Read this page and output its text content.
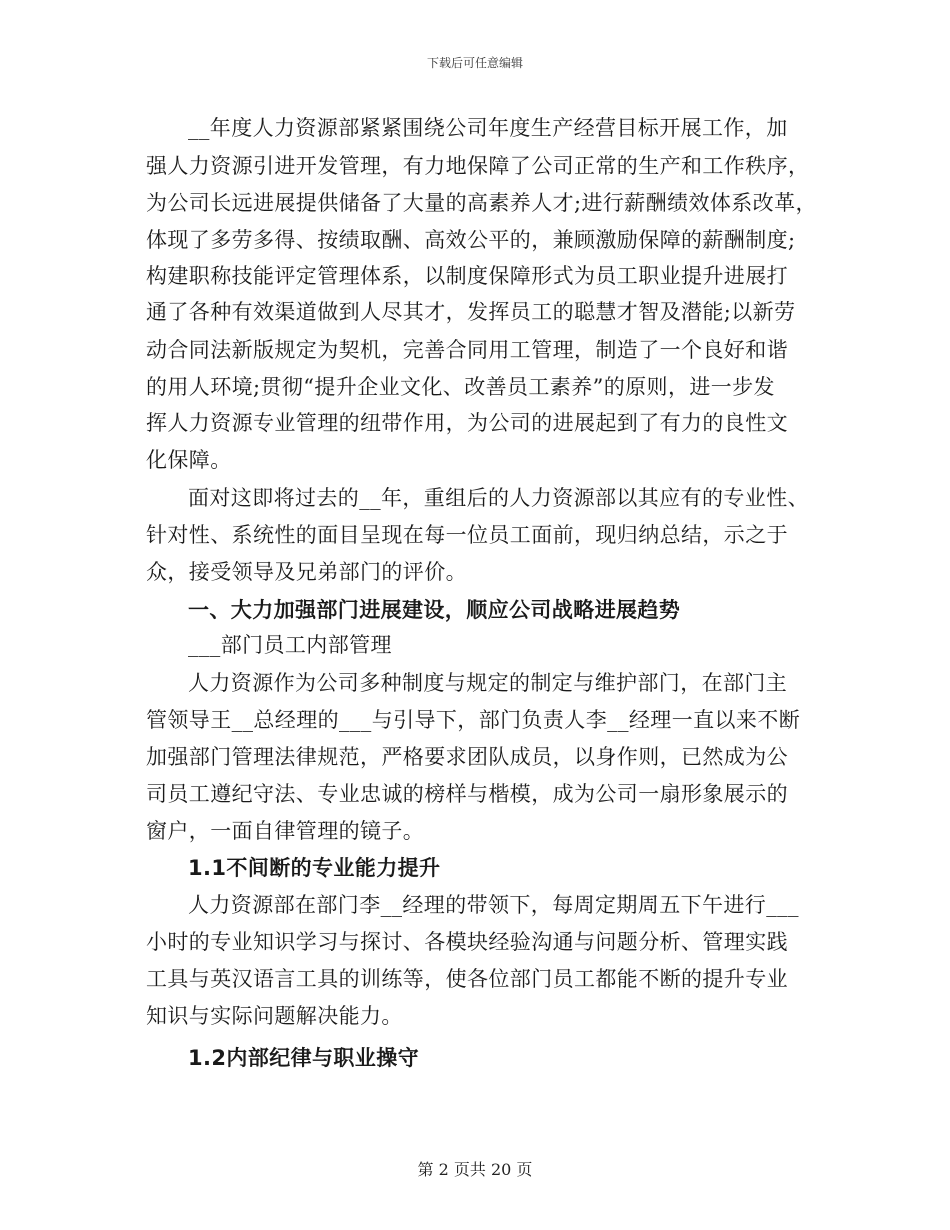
下载后可任意编辑
__年度人力资源部紧紧围绕公司年度生产经营目标开展工作，加
强人力资源引进开发管理，有力地保障了公司正常的生产和工作秩序，
为公司长远进展提供储备了大量的高素养人才;进行薪酬绩效体系改革，
体现了多劳多得、按绩取酬、高效公平的，兼顾激励保障的薪酬制度;
构建职称技能评定管理体系，以制度保障形式为员工职业提升进展打
通了各种有效渠道做到人尽其才，发挥员工的聪慧才智及潜能;以新劳
动合同法新版规定为契机，完善合同用工管理，制造了一个良好和谐
的用人环境;贯彻“提升企业文化、改善员工素养”的原则，进一步发
挥人力资源专业管理的纽带作用，为公司的进展起到了有力的良性文
化保障。
面对这即将过去的__年，重组后的人力资源部以其应有的专业性、
针对性、系统性的面目呈现在每一位员工面前，现归纳总结，示之于
众，接受领导及兄弟部门的评价。
一、大力加强部门进展建设，顺应公司战略进展趋势
___部门员工内部管理
人力资源作为公司多种制度与规定的制定与维护部门，在部门主
管领导王__总经理的___与引导下，部门负责人李__经理一直以来不断
加强部门管理法律规范，严格要求团队成员，以身作则，已然成为公
司员工遵纪守法、专业忠诚的榜样与楷模，成为公司一扇形象展示的
窗户，一面自律管理的镜子。
1.1不间断的专业能力提升
人力资源部在部门李__经理的带领下，每周定期周五下午进行___
小时的专业知识学习与探讨、各模块经验沟通与问题分析、管理实践
工具与英汉语言工具的训练等，使各位部门员工都能不断的提升专业
知识与实际问题解决能力。
1.2内部纪律与职业操守
第 2 页共 20 页
